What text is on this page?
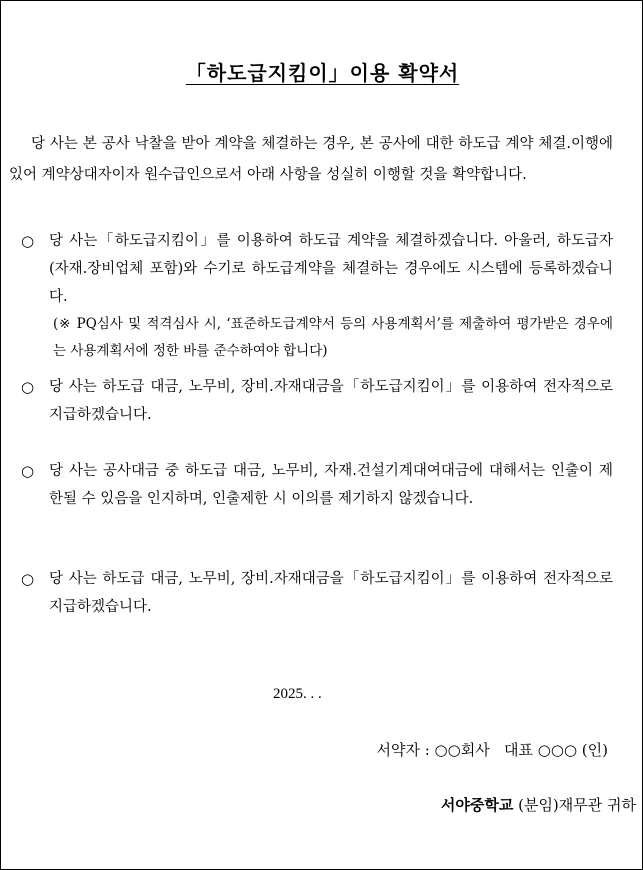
「하도급지킴이」이용 확약서

당 사는 본 공사 낙찰을 받아 계약을 체결하는 경우, 본 공사에 대한 하도급 계약 체결.이행에 있어 계약상대자이자 원수급인으로서 아래 사항을 성실히 이행할 것을 확약합니다.

○	당 사는「하도급지킴이」를 이용하여 하도급 계약을 체결하겠습니다. 아울러, 하도급자(자재.장비업체 포함)와 수기로 하도급계약을 체결하는 경우에도 시스템에 등록하겠습니다.
(※ PQ심사 및 적격심사 시, ‘표준하도급계약서 등의 사용계획서’를 제출하여 평가받은 경우에는 사용계획서에 정한 바를 준수하여야 합니다)
○	당 사는 하도급 대금, 노무비, 장비.자재대금을「하도급지킴이」를 이용하여 전자적으로 지급하겠습니다.
○	당 사는 공사대금 중 하도급 대금, 노무비, 자재.건설기계대여대금에 대해서는 인출이 제한될 수 있음을 인지하며, 인출제한 시 이의를 제기하지 않겠습니다.
○	당 사는 하도급 대금, 노무비, 장비.자재대금을「하도급지킴이」를 이용하여 전자적으로 지급하겠습니다.
2025. . .
서약자 : ○○회사   대표 ○○○ (인)
서야중학교 (분임)재무관 귀하
